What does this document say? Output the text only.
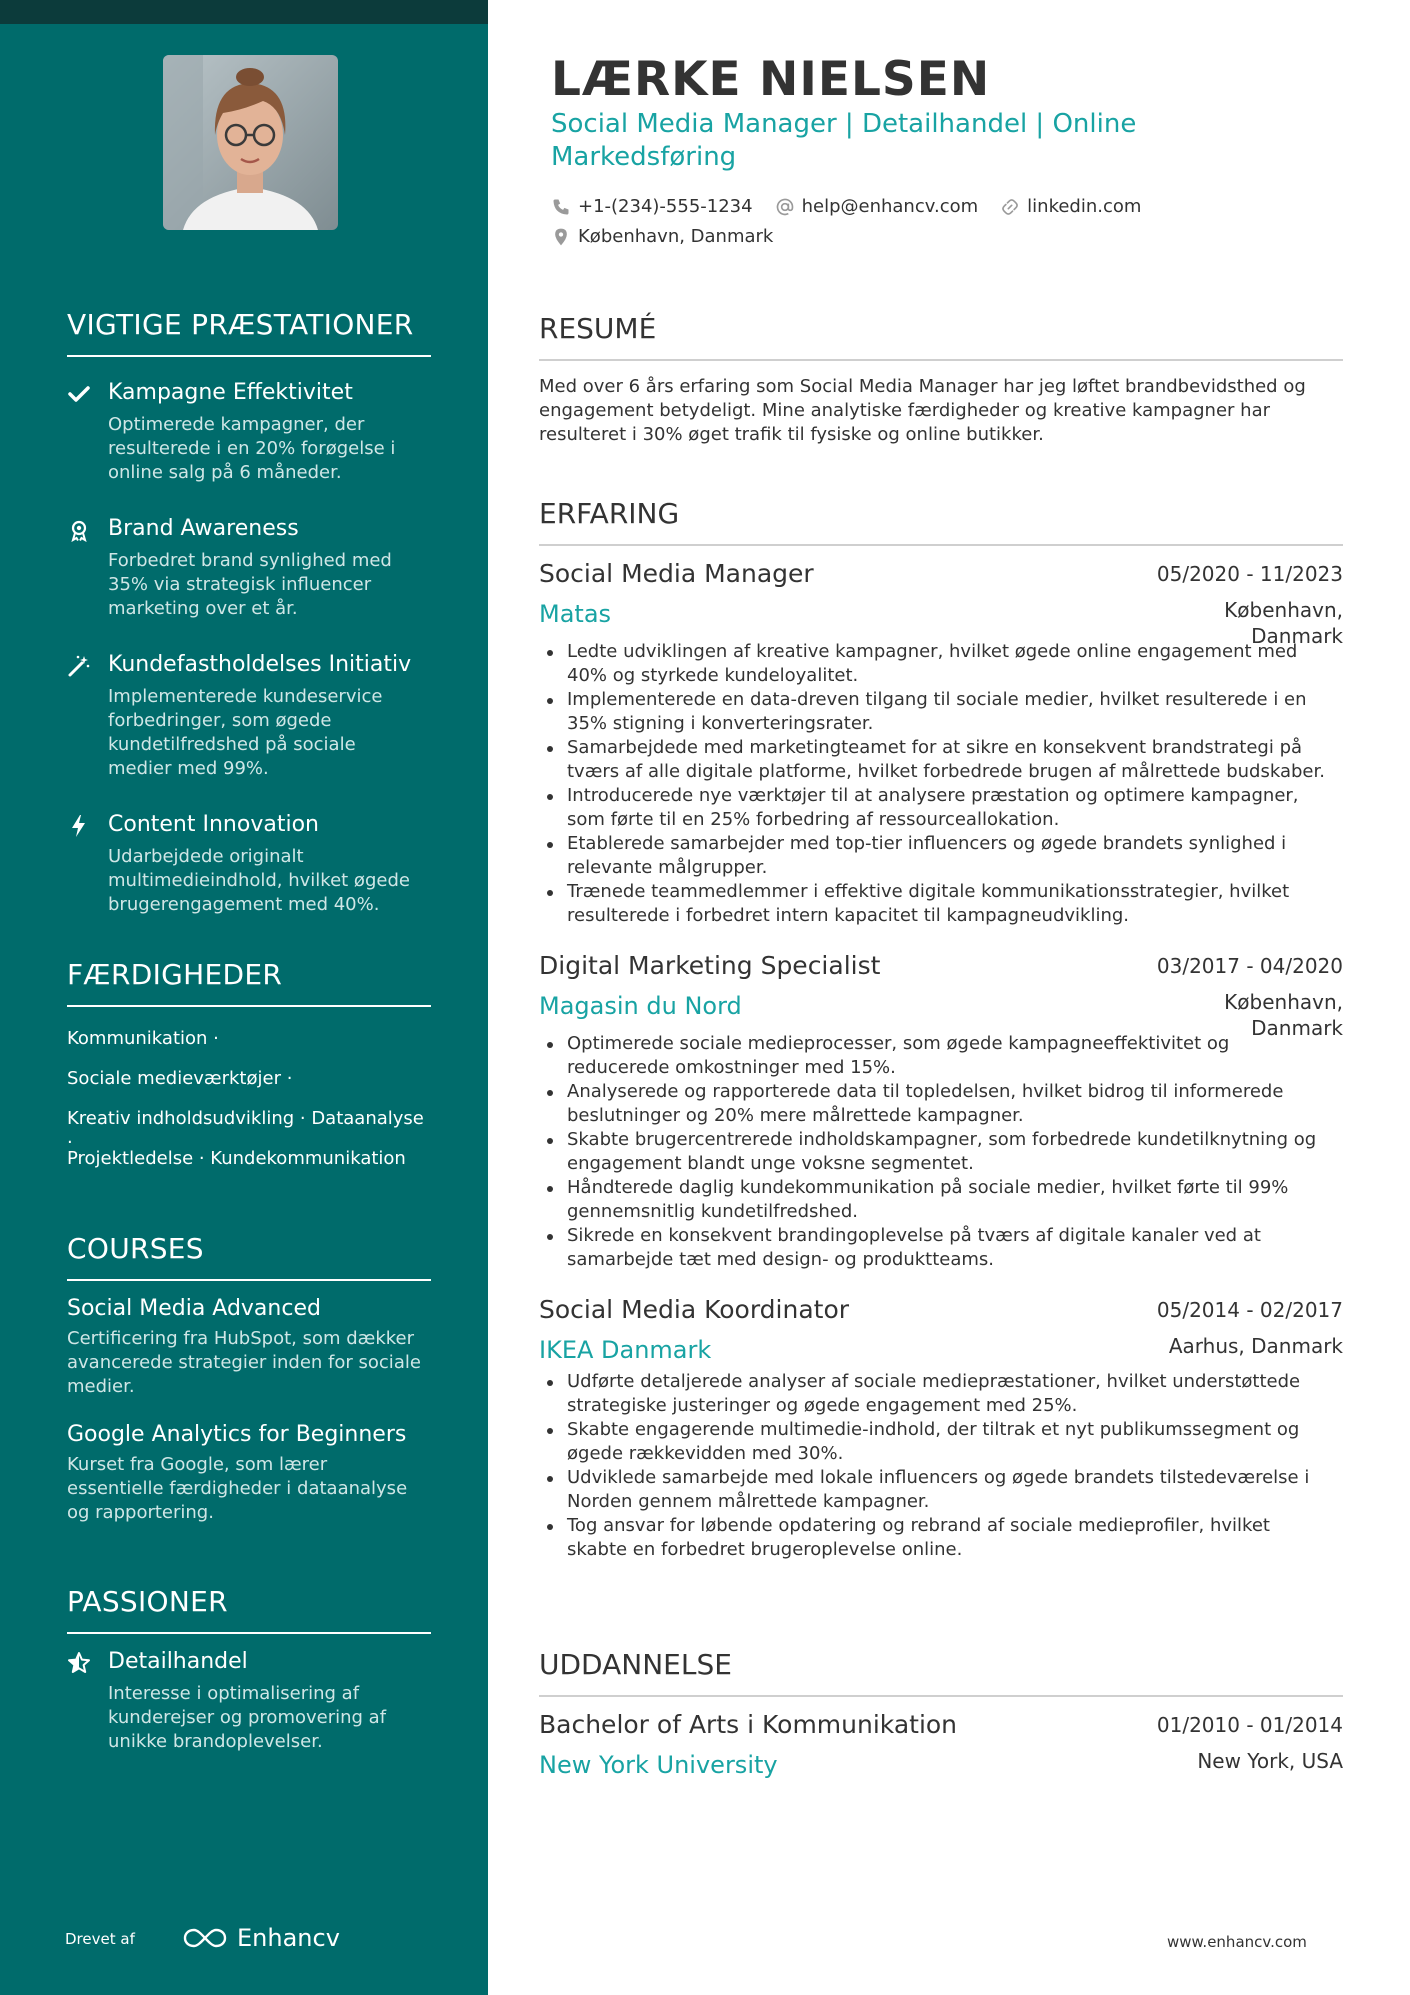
VIGTIGE PRÆSTATIONER
Kampagne Effektivitet
Optimerede kampagner, der
resulterede i en 20% forøgelse i
online salg på 6 måneder.
Brand Awareness
Forbedret brand synlighed med
35% via strategisk influencer
marketing over et år.
Kundefastholdelses Initiativ
Implementerede kundeservice
forbedringer, som øgede
kundetilfredshed på sociale
medier med 99%.
Content Innovation
Udarbejdede originalt
multimedieindhold, hvilket øgede
brugerengagement med 40%.
FÆRDIGHEDER
Kommunikation ·
Sociale medieværktøjer ·
Kreativ indholdsudvikling · Dataanalyse ·
Projektledelse · Kundekommunikation
COURSES
Social Media Advanced
Certificering fra HubSpot, som dækker
avancerede strategier inden for sociale
medier.
Google Analytics for Beginners
Kurset fra Google, som lærer
essentielle færdigheder i dataanalyse
og rapportering.
PASSIONER
Detailhandel
Interesse i optimalisering af
kunderejser og promovering af
unikke brandoplevelser.
Drevet af	Enhancv
LÆRKE NIELSEN
Social Media Manager | Detailhandel | Online
Markedsføring
+1-(234)-555-1234	help@enhancv.com	linkedin.com
København, Danmark
RESUMÉ
Med over 6 års erfaring som Social Media Manager har jeg løftet brandbevidsthed og
engagement betydeligt. Mine analytiske færdigheder og kreative kampagner har
resulteret i 30% øget trafik til fysiske og online butikker.
ERFARING
Social Media Manager	05/2020 - 11/2023
Matas	København,
Danmark
Ledte udviklingen af kreative kampagner, hvilket øgede online engagement med
40% og styrkede kundeloyalitet.
Implementerede en data-dreven tilgang til sociale medier, hvilket resulterede i en
35% stigning i konverteringsrater.
Samarbejdede med marketingteamet for at sikre en konsekvent brandstrategi på
tværs af alle digitale platforme, hvilket forbedrede brugen af målrettede budskaber.
Introducerede nye værktøjer til at analysere præstation og optimere kampagner,
som førte til en 25% forbedring af ressourceallokation.
Etablerede samarbejder med top-tier influencers og øgede brandets synlighed i
relevante målgrupper.
Trænede teammedlemmer i effektive digitale kommunikationsstrategier, hvilket
resulterede i forbedret intern kapacitet til kampagneudvikling.
Digital Marketing Specialist	03/2017 - 04/2020
Magasin du Nord	København,
Danmark
Optimerede sociale medieprocesser, som øgede kampagneeffektivitet og
reducerede omkostninger med 15%.
Analyserede og rapporterede data til topledelsen, hvilket bidrog til informerede
beslutninger og 20% mere målrettede kampagner.
Skabte brugercentrerede indholdskampagner, som forbedrede kundetilknytning og
engagement blandt unge voksne segmentet.
Håndterede daglig kundekommunikation på sociale medier, hvilket førte til 99%
gennemsnitlig kundetilfredshed.
Sikrede en konsekvent brandingoplevelse på tværs af digitale kanaler ved at
samarbejde tæt med design- og produktteams.
Social Media Koordinator	05/2014 - 02/2017
IKEA Danmark	Aarhus, Danmark
Udførte detaljerede analyser af sociale mediepræstationer, hvilket understøttede
strategiske justeringer og øgede engagement med 25%.
Skabte engagerende multimedie-indhold, der tiltrak et nyt publikumssegment og
øgede rækkevidden med 30%.
Udviklede samarbejde med lokale influencers og øgede brandets tilstedeværelse i
Norden gennem målrettede kampagner.
Tog ansvar for løbende opdatering og rebrand af sociale medieprofiler, hvilket
skabte en forbedret brugeroplevelse online.
UDDANNELSE
Bachelor of Arts i Kommunikation	01/2010 - 01/2014
New York University	New York, USA
www.enhancv.com
